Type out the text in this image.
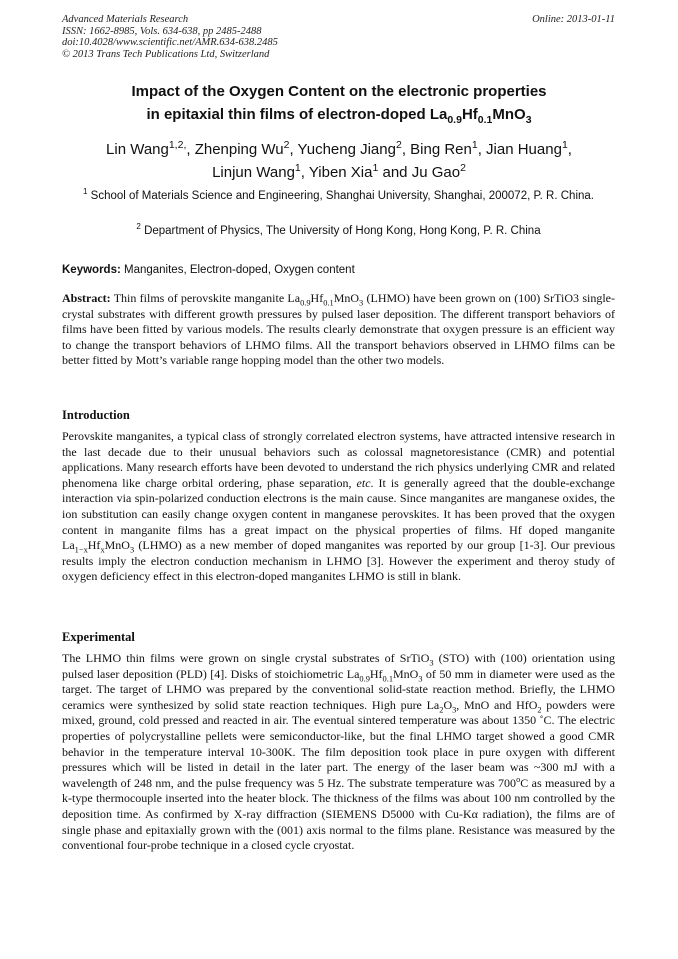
Advanced Materials Research
ISSN: 1662-8985, Vols. 634-638, pp 2485-2488
doi:10.4028/www.scientific.net/AMR.634-638.2485
© 2013 Trans Tech Publications Ltd, Switzerland
Online: 2013-01-11
Impact of the Oxygen Content on the electronic properties
in epitaxial thin films of electron-doped $La_{0.9}Hf_{0.1}MnO_3$
Lin Wang$^{1,2,}$, Zhenping Wu$^2$, Yucheng Jiang$^2$, Bing Ren$^1$, Jian Huang$^1$,
Linjun Wang$^1$, Yiben Xia$^1$ and Ju Gao$^2$
$^1$ School of Materials Science and Engineering, Shanghai University, Shanghai, 200072, P. R. China.
$^2$ Department of Physics, The University of Hong Kong, Hong Kong, P. R. China
Keywords: Manganites, Electron-doped, Oxygen content
Abstract: Thin films of perovskite manganite $La_{0.9}Hf_{0.1}MnO_3$ (LHMO) have been grown on (100) SrTiO3 single-crystal substrates with different growth pressures by pulsed laser deposition. The different transport behaviors of films have been fitted by various models. The results clearly demonstrate that oxygen pressure is an efficient way to change the transport behaviors of LHMO films. All the transport behaviors observed in LHMO films can be better fitted by Mott’s variable range hopping model than the other two models.
Introduction
Perovskite manganites, a typical class of strongly correlated electron systems, have attracted intensive research in the last decade due to their unusual behaviors such as colossal magnetoresistance (CMR) and potential applications. Many research efforts have been devoted to understand the rich physics underlying CMR and related phenomena like charge orbital ordering, phase separation, etc. It is generally agreed that the double-exchange interaction via spin-polarized conduction electrons is the main cause. Since manganites are manganese oxides, the ion substitution can easily change oxygen content in manganese perovskites. It has been proved that the oxygen content in manganite films has a great impact on the physical properties of films. Hf doped manganite $La_{1-x}Hf_xMnO_3$ (LHMO) as a new member of doped manganites was reported by our group [1-3]. Our previous results imply the electron conduction mechanism in LHMO [3]. However the experiment and theroy study of oxygen deficiency effect in this electron-doped manganites LHMO is still in blank.
Experimental
The LHMO thin films were grown on single crystal substrates of SrTiO$_3$ (STO) with (100) orientation using pulsed laser deposition (PLD) [4]. Disks of stoichiometric $La_{0.9}Hf_{0.1}MnO_3$ of 50 mm in diameter were used as the target. The target of LHMO was prepared by the conventional solid-state reaction method. Briefly, the LHMO ceramics were synthesized by solid state reaction techniques. High pure $La_2O_3$, MnO and HfO$_2$ powders were mixed, ground, cold pressed and reacted in air. The eventual sintered temperature was about 1350 ˚C. The electric properties of polycrystalline pellets were semiconductor-like, but the final LHMO target showed a good CMR behavior in the temperature interval 10-300K. The film deposition took place in pure oxygen with different pressures which will be listed in detail in the later part. The energy of the laser beam was ~300 mJ with a wavelength of 248 nm, and the pulse frequency was 5 Hz. The substrate temperature was 700$^o$C as measured by a k-type thermocouple inserted into the heater block. The thickness of the films was about 100 nm controlled by the deposition time. As confirmed by X-ray diffraction (SIEMENS D5000 with Cu-Kα radiation), the films are of single phase and epitaxially grown with the (001) axis normal to the films plane. Resistance was measured by the conventional four-probe technique in a closed cycle cryostat.
